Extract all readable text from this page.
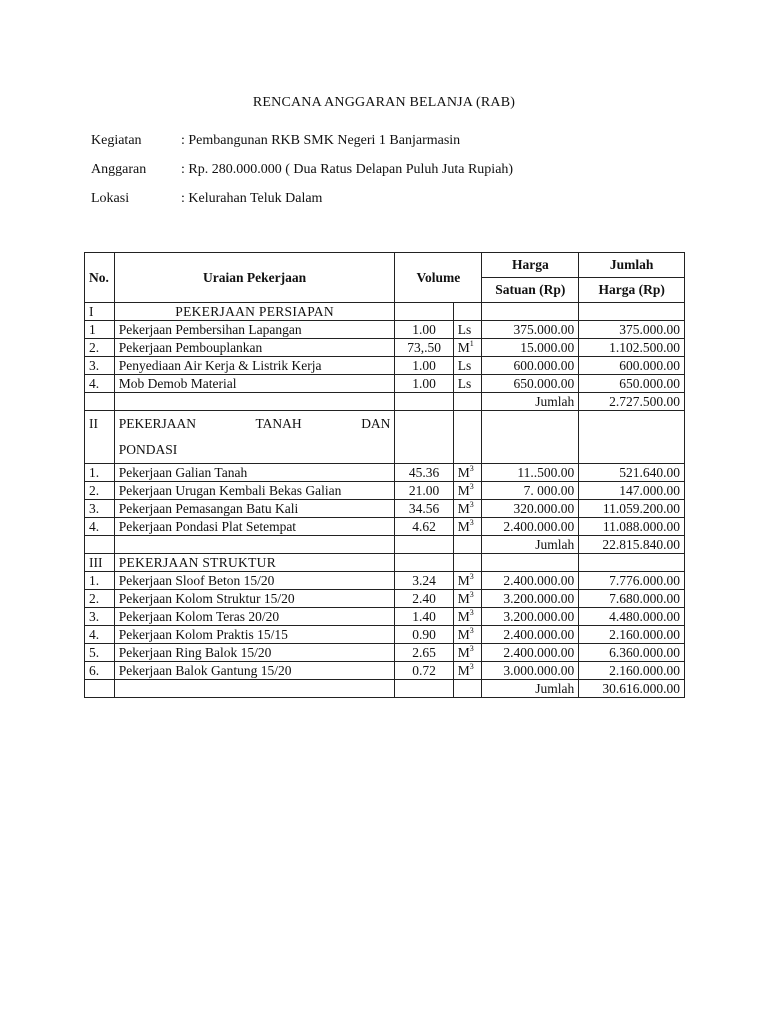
RENCANA ANGGARAN BELANJA (RAB)
Kegiatan	: Pembangunan RKB SMK Negeri 1 Banjarmasin
Anggaran	: Rp. 280.000.000 ( Dua Ratus Delapan Puluh Juta Rupiah)
Lokasi	: Kelurahan Teluk Dalam
No.	Uraian Pekerjaan	Volume		Harga	Jumlah
				Satuan (Rp)	Harga (Rp)
I	PEKERJAAN PERSIAPAN				
1	Pekerjaan Pembersihan Lapangan	1.00	Ls	375.000.00	375.000.00
2.	Pekerjaan Pembouplankan	73,.50	$M^1$	15.000.00	1.102.500.00
3.	Penyediaan Air Kerja & Listrik Kerja	1.00	Ls	600.000.00	600.000.00
4.	Mob Demob Material	1.00	Ls	650.000.00	650.000.00
				Jumlah	2.727.500.00
II	PEKERJAAN TANAH DAN
PONDASI				

1.	Pekerjaan Galian Tanah	45.36	$M^3$	11..500.00	521.640.00
2.	Pekerjaan Urugan Kembali Bekas Galian	21.00	$M^3$	7. 000.00	147.000.00
3.	Pekerjaan Pemasangan Batu Kali	34.56	$M^3$	320.000.00	11.059.200.00
4.	Pekerjaan Pondasi Plat Setempat	4.62	$M^3$	2.400.000.00	11.088.000.00
				Jumlah	22.815.840.00
III	PEKERJAAN STRUKTUR				
1.	Pekerjaan Sloof Beton 15/20	3.24	$M^3$	2.400.000.00	7.776.000.00
2.	Pekerjaan Kolom Struktur 15/20	2.40	$M^3$	3.200.000.00	7.680.000.00
3.	Pekerjaan Kolom Teras 20/20	1.40	$M^3$	3.200.000.00	4.480.000.00
4.	Pekerjaan Kolom Praktis 15/15	0.90	$M^3$	2.400.000.00	2.160.000.00
5.	Pekerjaan Ring Balok 15/20	2.65	$M^3$	2.400.000.00	6.360.000.00
6.	Pekerjaan Balok Gantung 15/20	0.72	$M^3$	3.000.000.00	2.160.000.00
				Jumlah	30.616.000.00
